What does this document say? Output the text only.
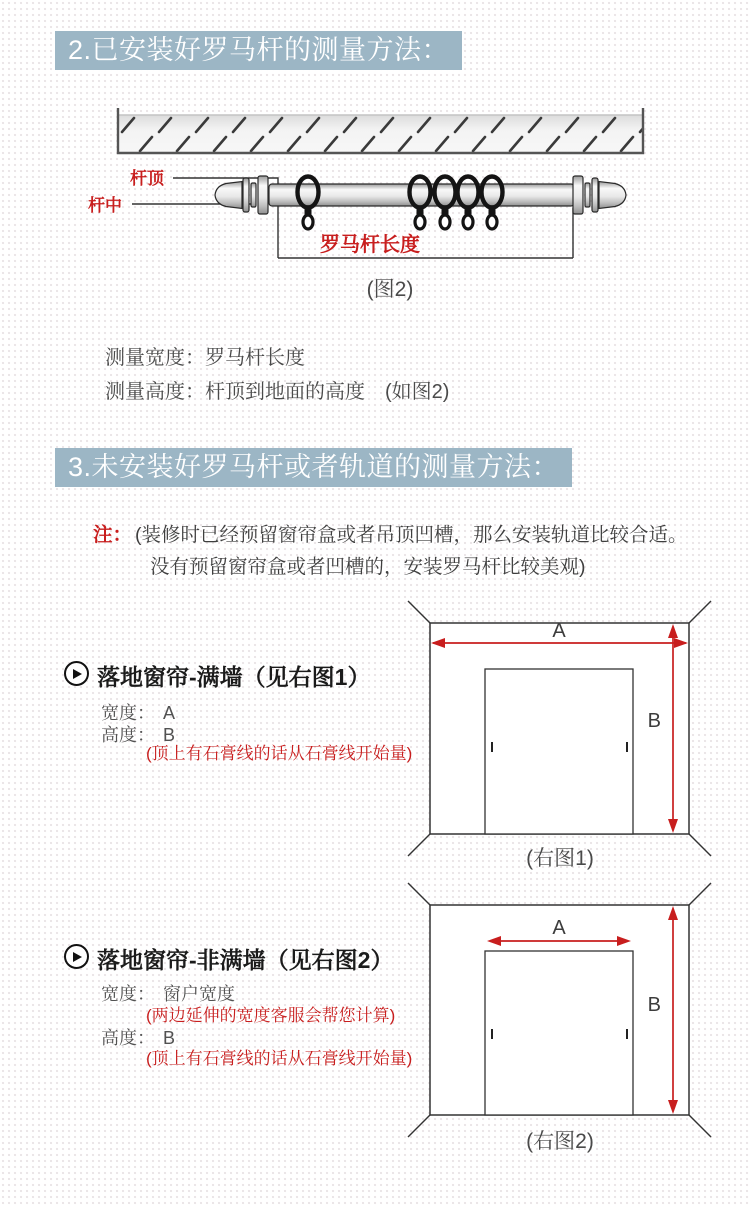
2.已安装好罗马杆的测量方法：
杆顶
杆中
罗马杆长度
(图2)
测量宽度：罗马杆长度
测量高度：杆顶到地面的高度 (如图2)
3.未安装好罗马杆或者轨道的测量方法：
注： (装修时已经预留窗帘盒或者吊顶凹槽，那么安装轨道比较合适。
没有预留窗帘盒或者凹槽的，安装罗马杆比较美观)
落地窗帘-满墙（见右图1）
宽度： A
高度： B
(顶上有石膏线的话从石膏线开始量)
A
B
(右图1)
落地窗帘-非满墙（见右图2）
宽度： 窗户宽度
(两边延伸的宽度客服会帮您计算)
高度： B
(顶上有石膏线的话从石膏线开始量)
A
B
(右图2)
